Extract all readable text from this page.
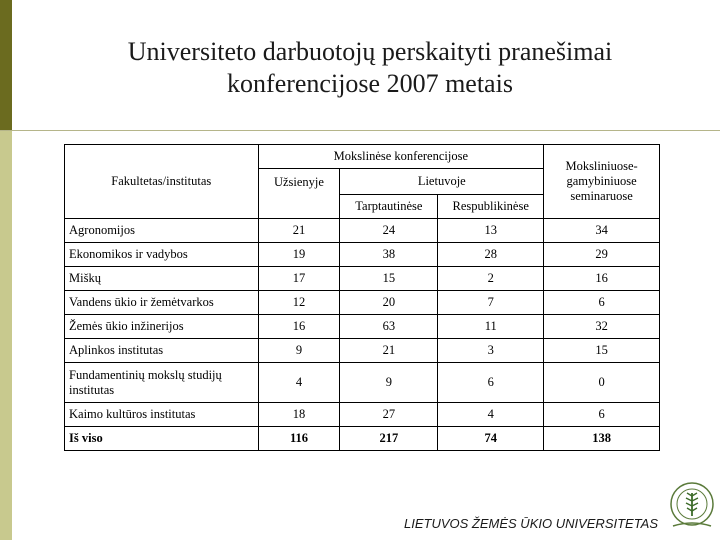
Universiteto darbuotojų perskaityti pranešimai
konferencijose 2007 metais
Fakultetas/institutas	Mokslinėse konferencijose			Moksliniuose-gamybiniuose seminaruose
	Užsienyje	Lietuvoje		
		Tarptautinėse	Respublikinėse	
Agronomijos	21	24	13	34
Ekonomikos ir vadybos	19	38	28	29
Miškų	17	15	2	16
Vandens ūkio ir žemėtvarkos	12	20	7	6
Žemės ūkio inžinerijos	16	63	11	32
Aplinkos institutas	9	21	3	15
Fundamentinių mokslų studijų institutas	4	9	6	0
Kaimo kultūros institutas	18	27	4	6
Iš viso	116	217	74	138
LIETUVOS ŽEMĖS ŪKIO UNIVERSITETAS
